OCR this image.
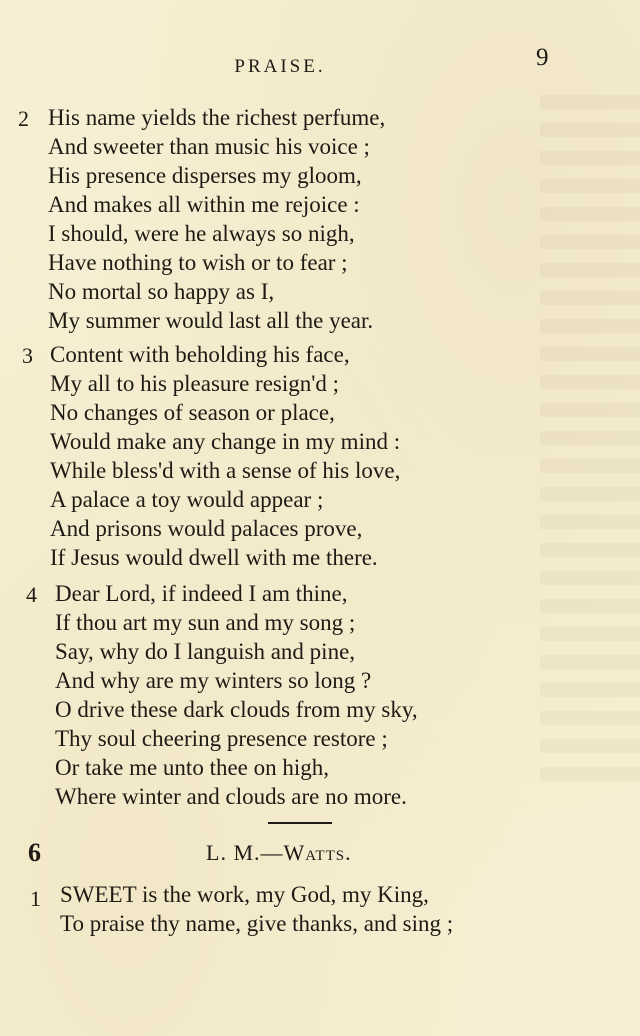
PRAISE.	9
2 His name yields the richest perfume,
And sweeter than music his voice ;
His presence disperses my gloom,
And makes all within me rejoice :
I should, were he always so nigh,
Have nothing to wish or to fear ;
No mortal so happy as I,
My summer would last all the year.
3 Content with beholding his face,
My all to his pleasure resign'd ;
No changes of season or place,
Would make any change in my mind :
While bless'd with a sense of his love,
A palace a toy would appear ;
And prisons would palaces prove,
If Jesus would dwell with me there.
4 Dear Lord, if indeed I am thine,
If thou art my sun and my song ;
Say, why do I languish and pine,
And why are my winters so long ?
O drive these dark clouds from my sky,
Thy soul cheering presence restore ;
Or take me unto thee on high,
Where winter and clouds are no more.
6	L. M.—Watts.
1 SWEET is the work, my God, my King,
To praise thy name, give thanks, and sing ;
